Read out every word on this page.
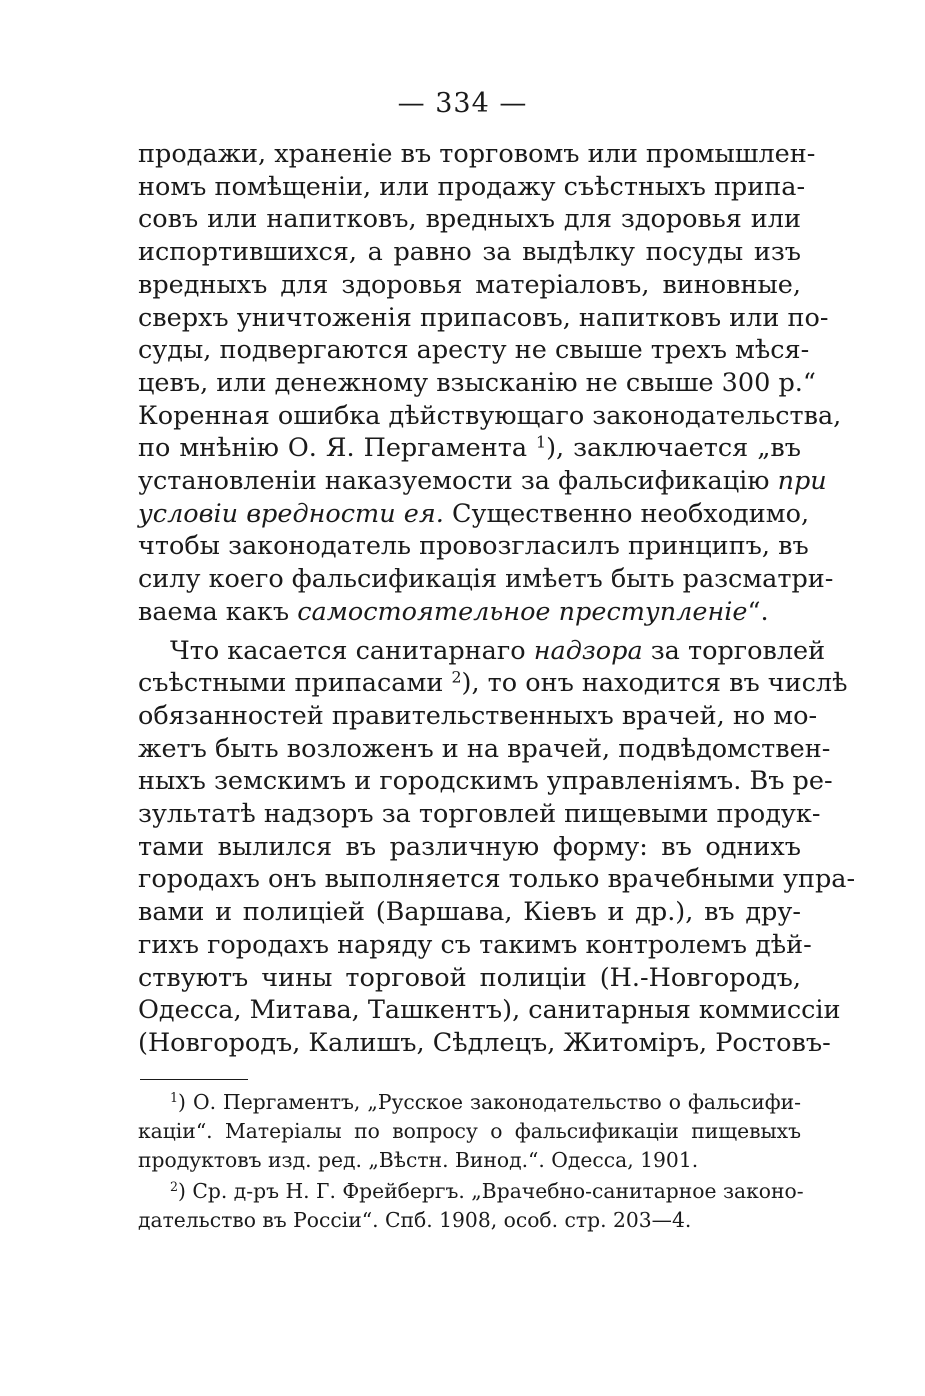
— 334 —
продажи, храненіе въ торговомъ или промышлен-
номъ помѣщеніи, или продажу съѣстныхъ припа-
совъ или напитковъ, вредныхъ для здоровья или
испортившихся, а равно за выдѣлку посуды изъ
вредныхъ для здоровья матеріаловъ, виновные,
сверхъ уничтоженія припасовъ, напитковъ или по-
суды, подвергаются аресту не свыше трехъ мѣся-
цевъ, или денежному взысканію не свыше 300 р.“
Коренная ошибка дѣйствующаго законодательства,
по мнѣнію О. Я. Пергамента $^1$), заключается „въ
установленіи наказуемости за фальсификацію при
условіи вредности ея. Существенно необходимо,
чтобы законодатель провозгласилъ принципъ, въ
силу коего фальсификація имѣетъ быть разсматри-
ваема какъ самостоятельное преступленіе“.
Что касается санитарнаго надзора за торговлей
съѣстными припасами $^2$), то онъ находится въ числѣ
обязанностей правительственныхъ врачей, но мо-
жетъ быть возложенъ и на врачей, подвѣдомствен-
ныхъ земскимъ и городскимъ управленіямъ. Въ ре-
зультатѣ надзоръ за торговлей пищевыми продук-
тами вылился въ различную форму: въ однихъ
городахъ онъ выполняется только врачебными упра-
вами и полиціей (Варшава, Кіевъ и др.), въ дру-
гихъ городахъ наряду съ такимъ контролемъ дѣй-
ствуютъ чины торговой полиціи (Н.-Новгородъ,
Одесса, Митава, Ташкентъ), санитарныя коммиссіи
(Новгородъ, Калишъ, Сѣдлецъ, Житоміръ, Ростовъ-
$^1$) О. Пергаментъ, „Русское законодательство о фальсифи-
каціи“. Матеріалы по вопросу о фальсификаціи пищевыхъ
продуктовъ изд. ред. „Вѣстн. Винод.“. Одесса, 1901.
$^2$) Ср. д-ръ Н. Г. Фрейбергъ. „Врачебно-санитарное законо-
дательство въ Россіи“. Спб. 1908, особ. стр. 203—4.
